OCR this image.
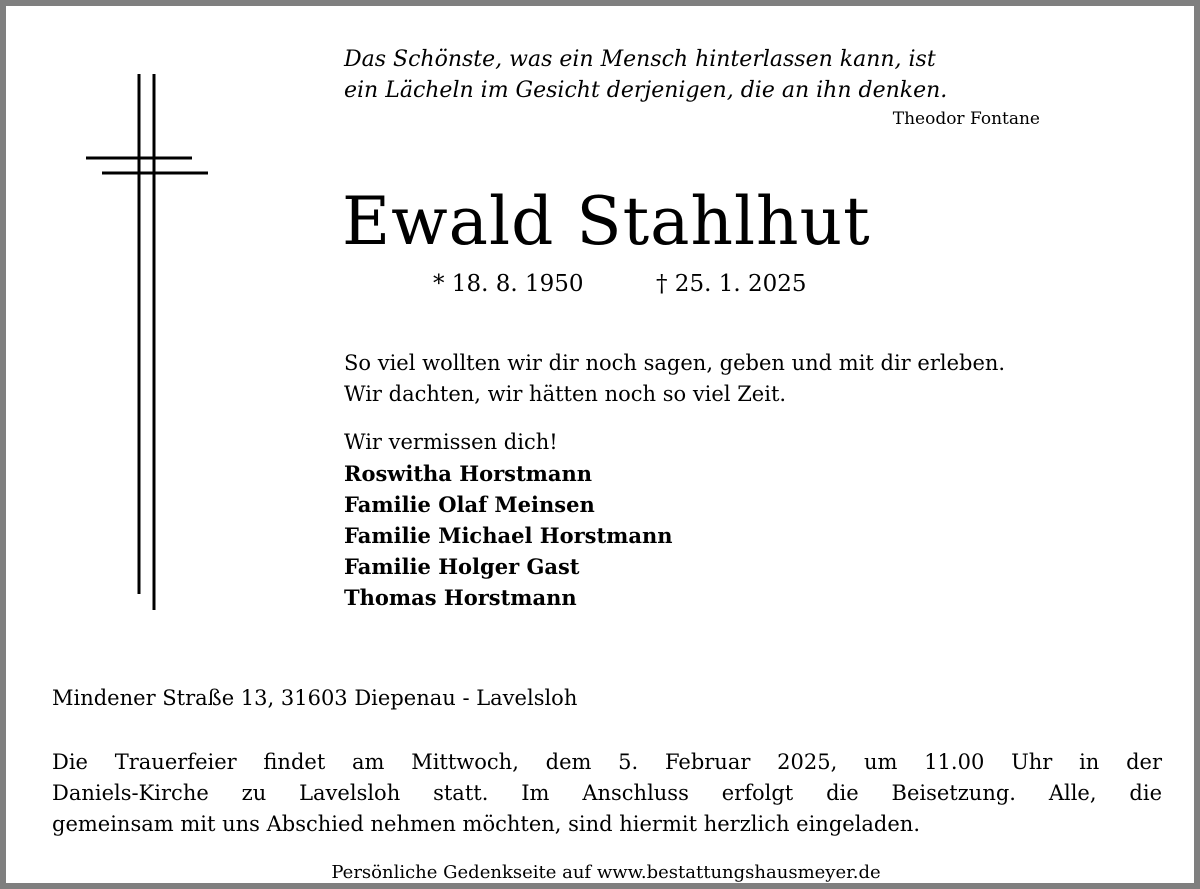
Das Schönste, was ein Mensch hinterlassen kann, ist
ein Lächeln im Gesicht derjenigen, die an ihn denken.
Theodor Fontane
Ewald Stahlhut
* 18. 8. 1950	† 25. 1. 2025
So viel wollten wir dir noch sagen, geben und mit dir erleben.
Wir dachten, wir hätten noch so viel Zeit.
Wir vermissen dich!
Roswitha Horstmann
Familie Olaf Meinsen
Familie Michael Horstmann
Familie Holger Gast
Thomas Horstmann
Mindener Straße 13, 31603 Diepenau - Lavelsloh
Die Trauerfeier findet am Mittwoch, dem 5. Februar 2025, um 11.00 Uhr in der
Daniels-Kirche zu Lavelsloh statt. Im Anschluss erfolgt die Beisetzung. Alle, die
gemeinsam mit uns Abschied nehmen möchten, sind hiermit herzlich eingeladen.
Persönliche Gedenkseite auf www.bestattungshausmeyer.de
